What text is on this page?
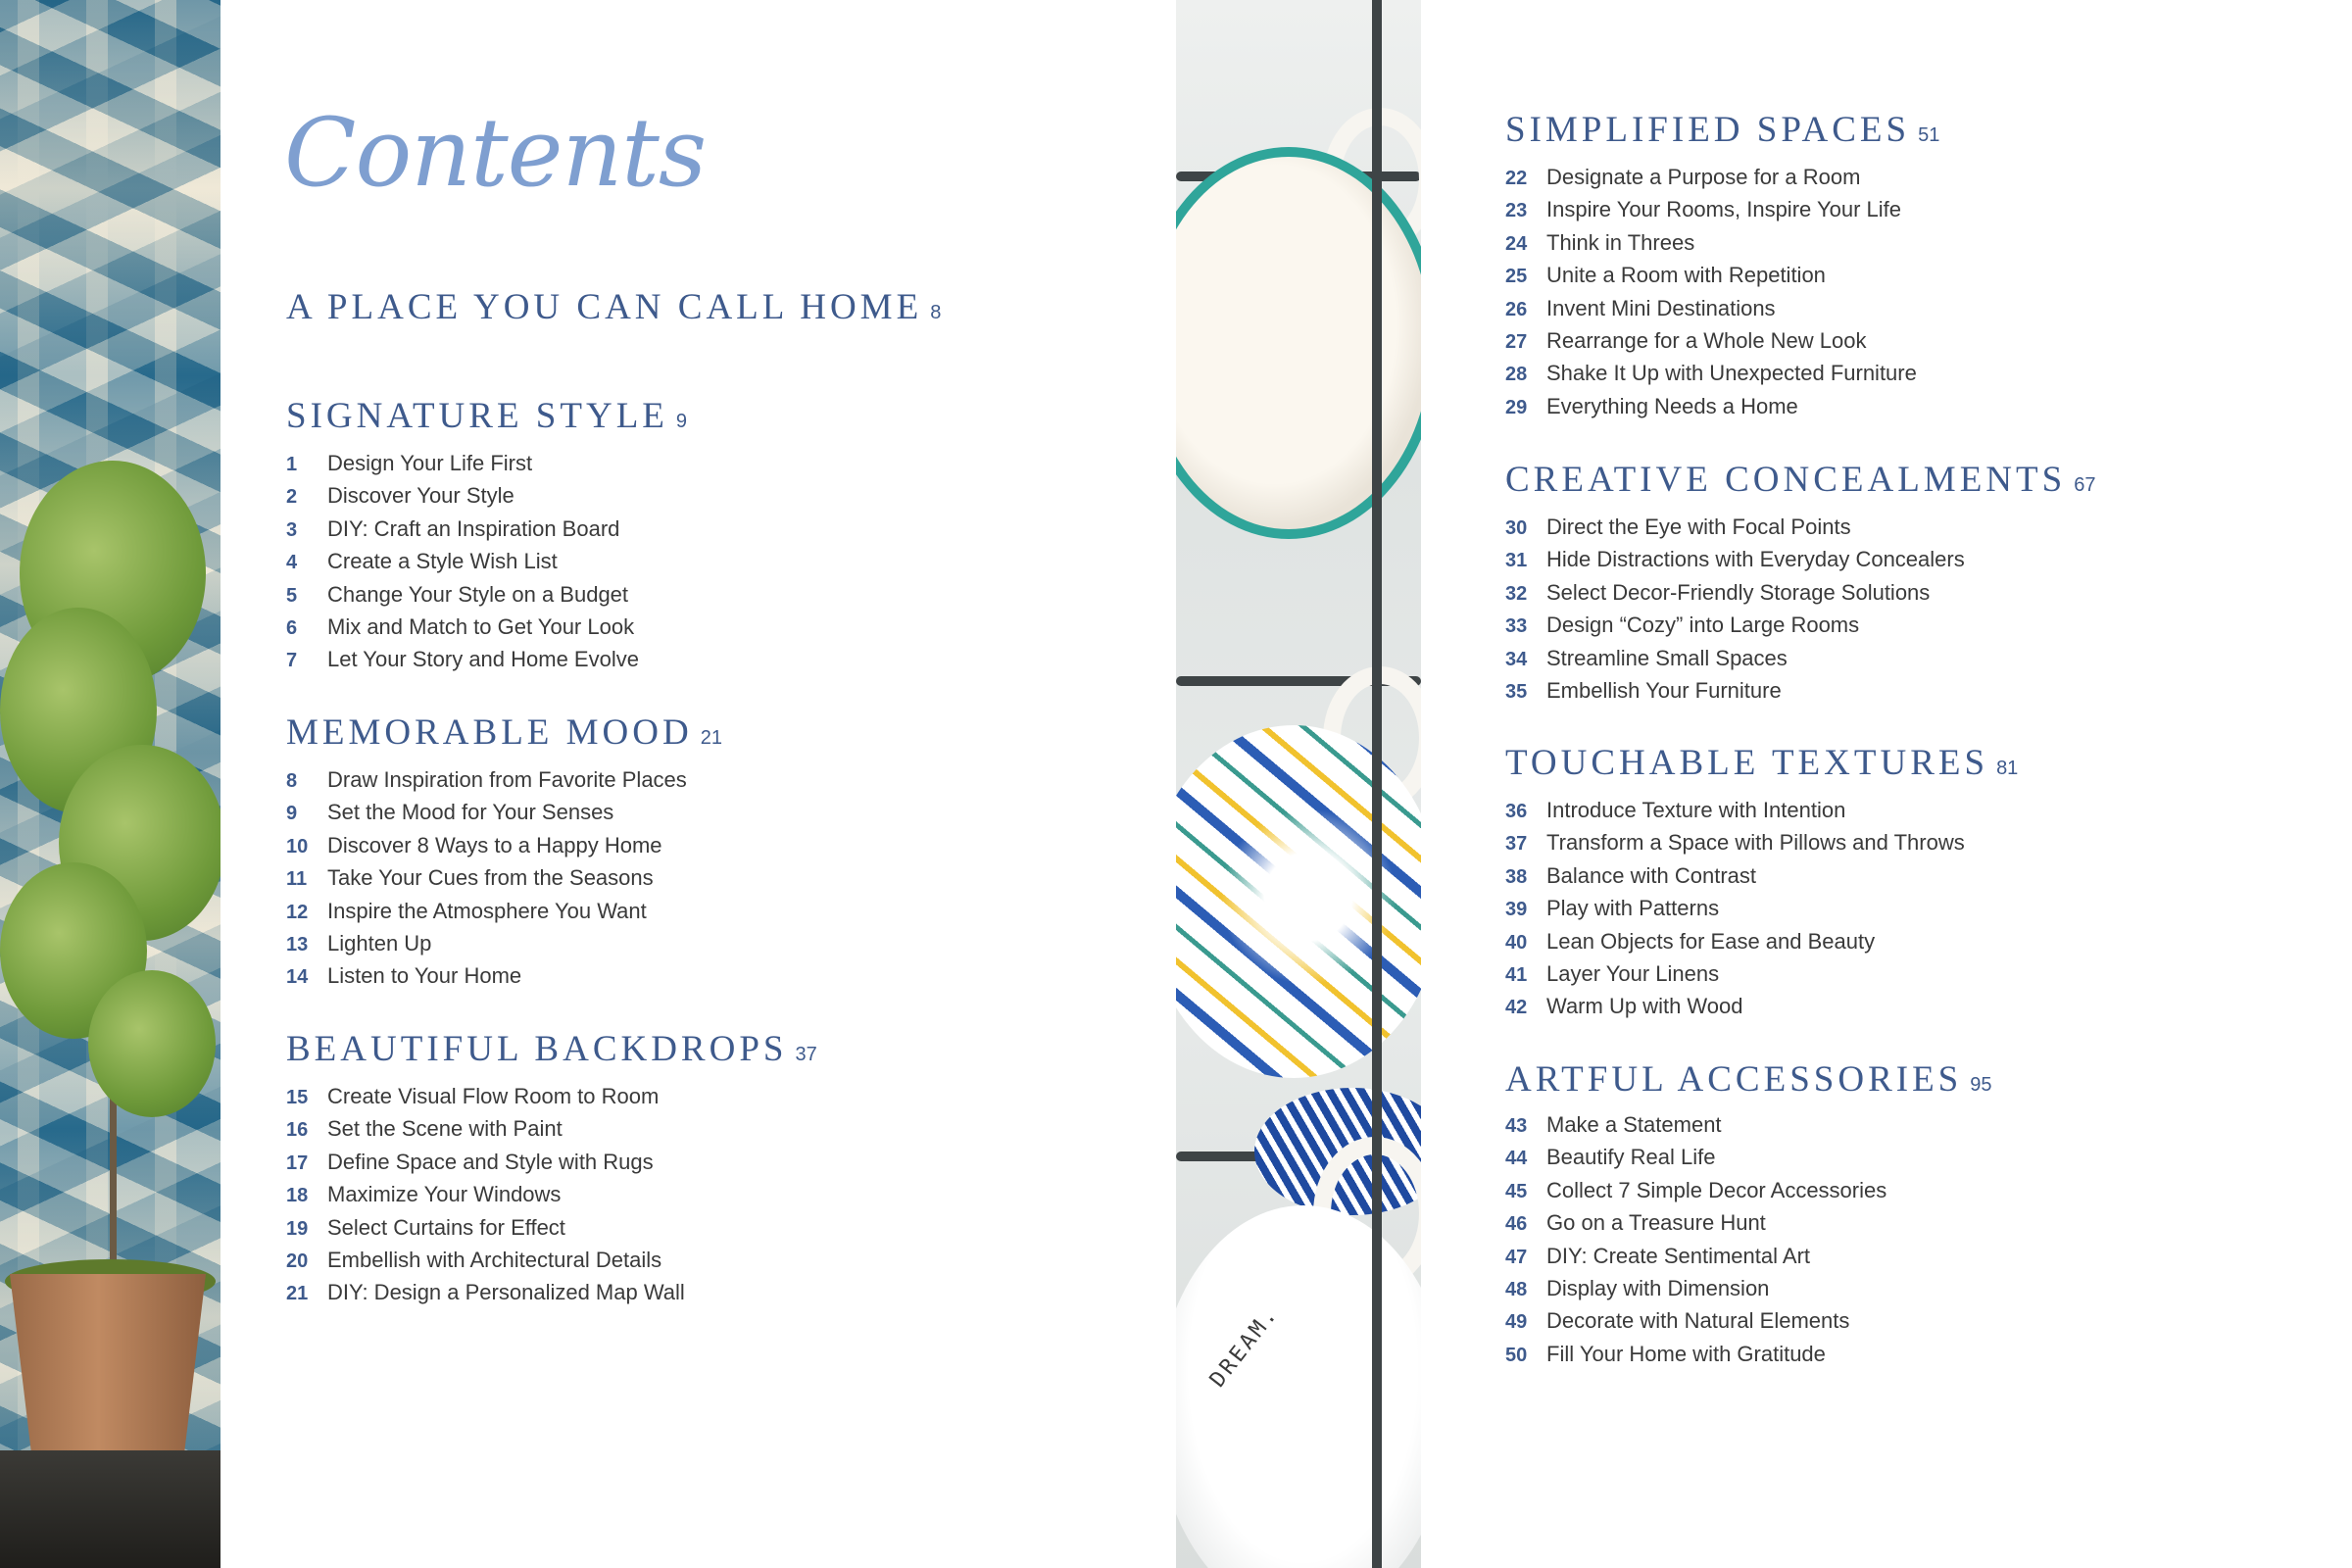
DREAM.
Contents
A PLACE YOU CAN CALL HOME 8
SIGNATURE STYLE 9
1 Design Your Life First
2 Discover Your Style
3 DIY: Craft an Inspiration Board
4 Create a Style Wish List
5 Change Your Style on a Budget
6 Mix and Match to Get Your Look
7 Let Your Story and Home Evolve
MEMORABLE MOOD 21
8 Draw Inspiration from Favorite Places
9 Set the Mood for Your Senses
10 Discover 8 Ways to a Happy Home
11 Take Your Cues from the Seasons
12 Inspire the Atmosphere You Want
13 Lighten Up
14 Listen to Your Home
BEAUTIFUL BACKDROPS 37
15 Create Visual Flow Room to Room
16 Set the Scene with Paint
17 Define Space and Style with Rugs
18 Maximize Your Windows
19 Select Curtains for Effect
20 Embellish with Architectural Details
21 DIY: Design a Personalized Map Wall
SIMPLIFIED SPACES 51
22 Designate a Purpose for a Room
23 Inspire Your Rooms, Inspire Your Life
24 Think in Threes
25 Unite a Room with Repetition
26 Invent Mini Destinations
27 Rearrange for a Whole New Look
28 Shake It Up with Unexpected Furniture
29 Everything Needs a Home
CREATIVE CONCEALMENTS 67
30 Direct the Eye with Focal Points
31 Hide Distractions with Everyday Concealers
32 Select Decor-Friendly Storage Solutions
33 Design “Cozy” into Large Rooms
34 Streamline Small Spaces
35 Embellish Your Furniture
TOUCHABLE TEXTURES 81
36 Introduce Texture with Intention
37 Transform a Space with Pillows and Throws
38 Balance with Contrast
39 Play with Patterns
40 Lean Objects for Ease and Beauty
41 Layer Your Linens
42 Warm Up with Wood
ARTFUL ACCESSORIES 95
43 Make a Statement
44 Beautify Real Life
45 Collect 7 Simple Decor Accessories
46 Go on a Treasure Hunt
47 DIY: Create Sentimental Art
48 Display with Dimension
49 Decorate with Natural Elements
50 Fill Your Home with Gratitude
